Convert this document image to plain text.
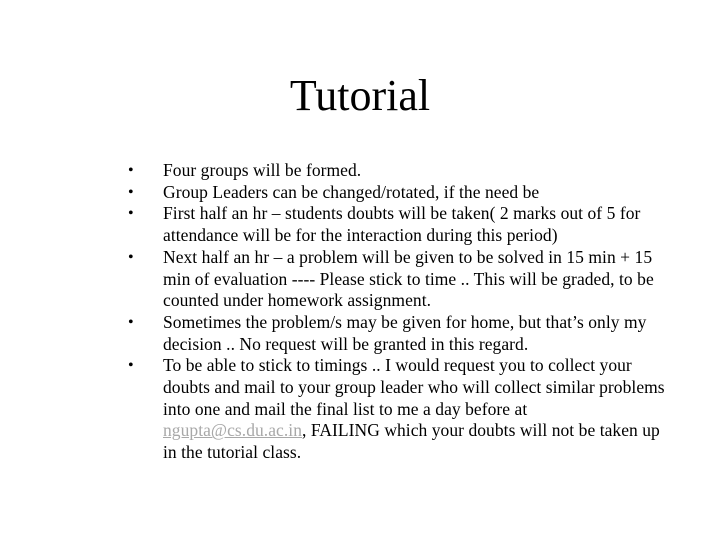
Tutorial
•	Four groups will be formed.
•	Group Leaders can be changed/rotated, if the need be
•	First half an hr – students doubts will be taken( 2 marks out of 5 for attendance will be for the interaction during this period)
•	Next half an hr – a problem will be given to be solved in 15 min + 15 min of evaluation ---- Please stick to time .. This will be graded, to be counted under homework assignment.
•	Sometimes the problem/s may be given for home, but that’s only my decision .. No request will be granted in this regard.
•	To be able to stick to timings .. I would request you to collect your doubts and mail to your group leader who will collect similar problems into one and mail the final list to me a day before at ngupta@cs.du.ac.in, FAILING which your doubts will not be taken up in the tutorial class.
